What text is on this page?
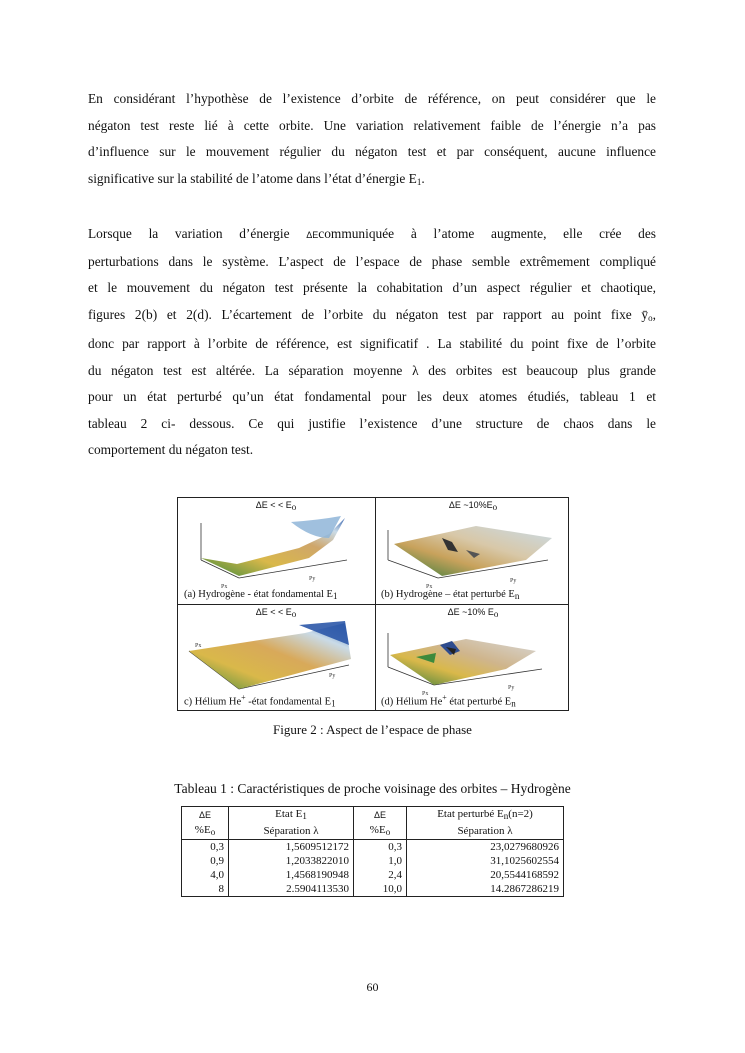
En considérant l’hypothèse de l’existence d’orbite de référence, on peut considérer que le
négaton test reste lié à cette orbite. Une variation relativement faible de l’énergie n’a pas
d’influence sur le mouvement régulier du négaton test et par conséquent, aucune influence
significative sur la stabilité de l’atome dans l’état d’énergie $E_1$.
Lorsque la variation d’énergie ΔEcommuniquée à l’atome augmente, elle crée des
perturbations dans le système. L’aspect de l’espace de phase semble extrêmement compliqué
et le mouvement du négaton test présente la cohabitation d’un aspect régulier et chaotique,
figures 2(b) et 2(d). L’écartement de l’orbite du négaton test par rapport au point fixe $ȳ_o$,
donc par rapport à l’orbite de référence, est significatif . La stabilité du point fixe de l’orbite
du négaton test est altérée. La séparation moyenne λ des orbites est beaucoup plus grande
pour un état perturbé qu’un état fondamental pour les deux atomes étudiés, tableau 1 et
tableau 2 ci- dessous. Ce qui justifie l’existence d’une structure de chaos dans le
comportement du négaton test.
Px
Py
ΔE < < Eo
(a) Hydrogène - état fondamental E1
Px
Py
ΔE ~10%Eo
(b) Hydrogène – état perturbé En
Px
Py
ΔE < < Eo
c) Hélium He+ -état fondamental E1
Px
Py
ΔE ~10% Eo
(d) Hélium He+ état perturbé En
Figure 2 : Aspect de l’espace de phase
Tableau 1 : Caractéristiques de proche voisinage des orbites – Hydrogène
ΔE	Etat $E_1$	ΔE	Etat perturbé $E_n(n=2)$
$\%E_o$	Séparation λ	$\%E_o$	Séparation λ
0,3	1,5609512172	0,3	23,0279680926
0,9	1,2033822010	1,0	31,1025602554
4,0	1,4568190948	2,4	20,5544168592
8	2.5904113530	10,0	14.2867286219
60
